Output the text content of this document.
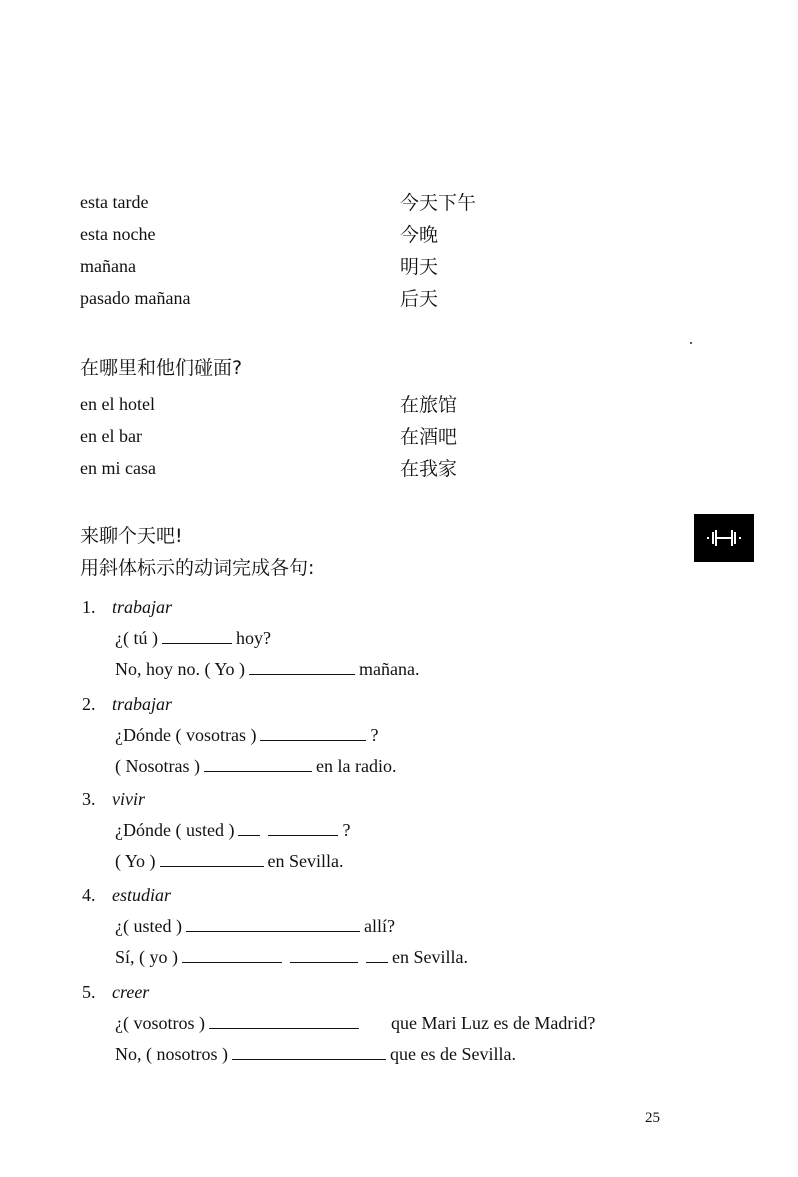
esta tarde	今天下午
esta noche	今晚
mañana	明天
pasado mañana	后天
在哪里和他们碰面?
en el hotel	在旅馆
en el bar	在酒吧
en mi casa	在我家
来聊个天吧!
用斜体标示的动词完成各句:
1. trabajar
¿( tú )	hoy?
No, hoy no. ( Yo )	mañana.
2. trabajar
¿Dónde ( vosotras )	?
( Nosotras )	en la radio.
3. vivir
¿Dónde ( usted )	?
( Yo )	en Sevilla.
4. estudiar
¿( usted )	allí?
Sí, ( yo )	en Sevilla.
5. creer
¿( vosotros )	que Mari Luz es de Madrid?
No, ( nosotros )	que es de Sevilla.
25
